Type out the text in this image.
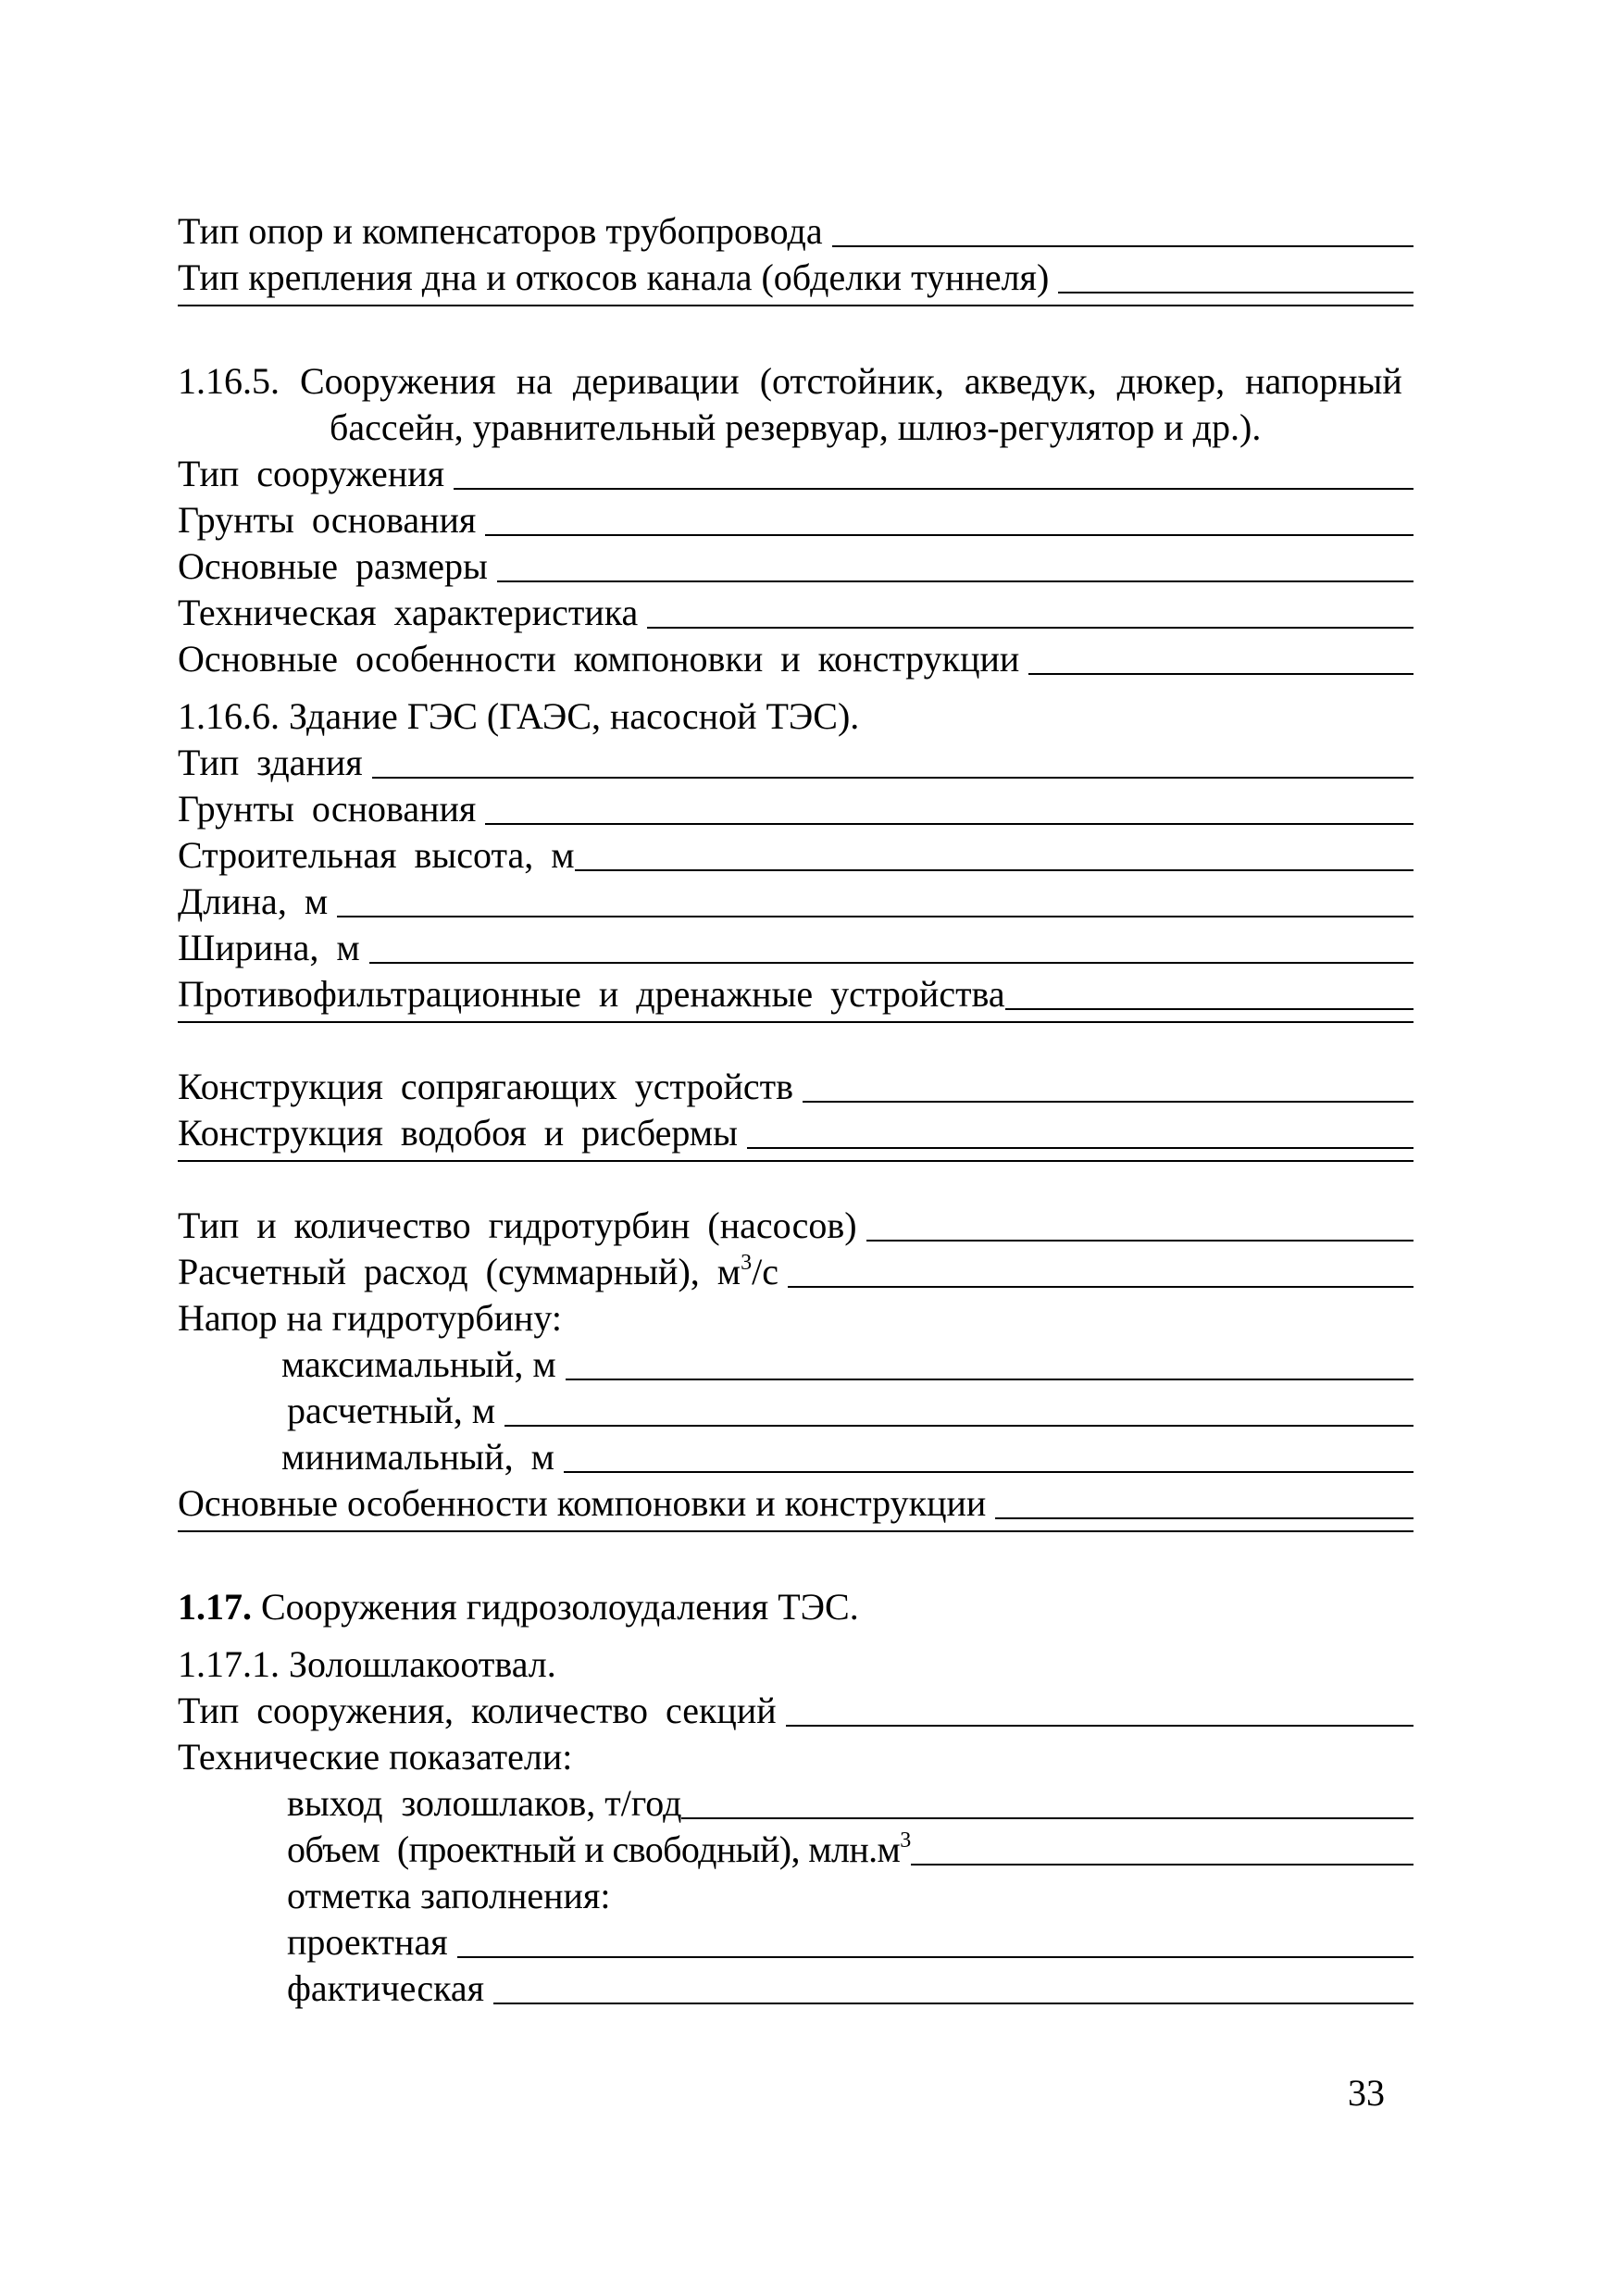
Тип опор и компенсаторов трубопровода
Тип крепления дна и откосов канала (обделки туннеля)
1.16.5. Сооружения на деривации (отстойник, акведук, дюкер, напорный
бассейн, уравнительный резервуар, шлюз-регулятор и др.).
Тип сооружения
Грунты основания
Основные размеры
Техническая характеристика
Основные особенности компоновки и конструкции
1.16.6. Здание ГЭС (ГАЭС, насосной ТЭС).
Тип здания
Грунты основания
Строительная высота, м
Длина, м
Ширина, м
Противофильтрационные и дренажные устройства
Конструкция сопрягающих устройств
Конструкция водобоя и рисбермы
Тип и количество гидротурбин (насосов)
Расчетный расход (суммарный), $м^3/с$
Напор на гидротурбину:
максимальный, м
расчетный, м
минимальный, м
Основные особенности компоновки и конструкции
1.17. Сооружения гидрозолоудаления ТЭС.
1.17.1. Золошлакоотвал.
Тип сооружения, количество секций
Технические показатели:
выход  золошлаков, т/год
объем  (проектный и свободный), $млн.м^3$
отметка заполнения:
проектная
фактическая
33
